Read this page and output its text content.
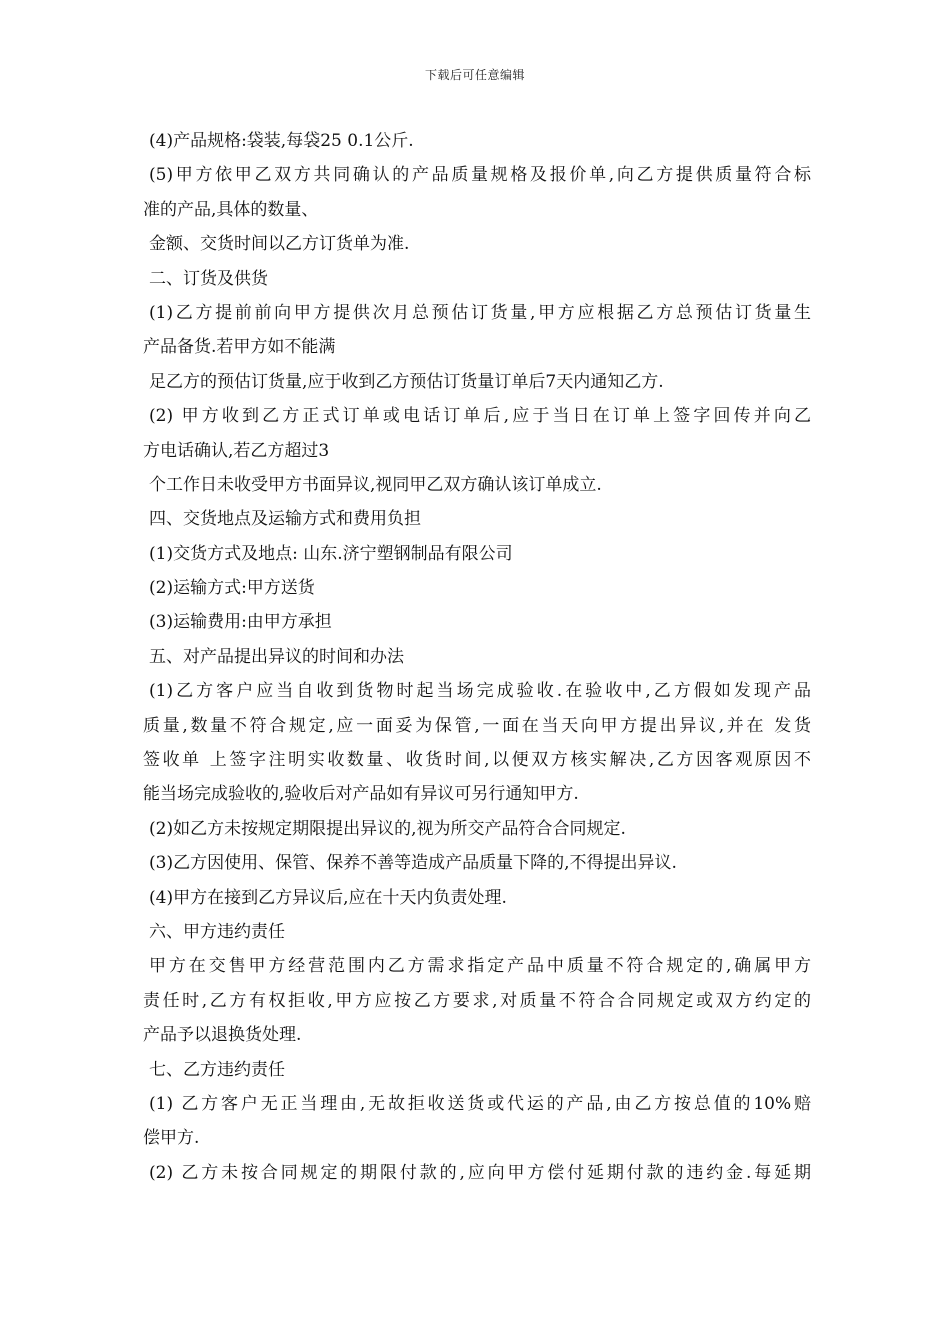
下载后可任意编辑
(4)产品规格:袋装,每袋25 0.1公斤.
(5)甲方依甲乙双方共同确认的产品质量规格及报价单,向乙方提供质量符合标
准的产品,具体的数量、
金额、交货时间以乙方订货单为准.
二、订货及供货
(1)乙方提前前向甲方提供次月总预估订货量,甲方应根据乙方总预估订货量生
产品备货.若甲方如不能满
足乙方的预估订货量,应于收到乙方预估订货量订单后7天内通知乙方.
(2) 甲方收到乙方正式订单或电话订单后,应于当日在订单上签字回传并向乙
方电话确认,若乙方超过3
个工作日未收受甲方书面异议,视同甲乙双方确认该订单成立.
四、交货地点及运输方式和费用负担
(1)交货方式及地点: 山东.济宁塑钢制品有限公司
(2)运输方式:甲方送货
(3)运输费用:由甲方承担
五、对产品提出异议的时间和办法
(1)乙方客户应当自收到货物时起当场完成验收.在验收中,乙方假如发现产品
质量,数量不符合规定,应一面妥为保管,一面在当天向甲方提出异议,并在 发货
签收单 上签字注明实收数量、收货时间,以便双方核实解决,乙方因客观原因不
能当场完成验收的,验收后对产品如有异议可另行通知甲方.
(2)如乙方未按规定期限提出异议的,视为所交产品符合合同规定.
(3)乙方因使用、保管、保养不善等造成产品质量下降的,不得提出异议.
(4)甲方在接到乙方异议后,应在十天内负责处理.
六、甲方违约责任
甲方在交售甲方经营范围内乙方需求指定产品中质量不符合规定的,确属甲方
责任时,乙方有权拒收,甲方应按乙方要求,对质量不符合合同规定或双方约定的
产品予以退换货处理.
七、乙方违约责任
(1) 乙方客户无正当理由,无故拒收送货或代运的产品,由乙方按总值的10%赔
偿甲方.
(2) 乙方未按合同规定的期限付款的,应向甲方偿付延期付款的违约金.每延期
